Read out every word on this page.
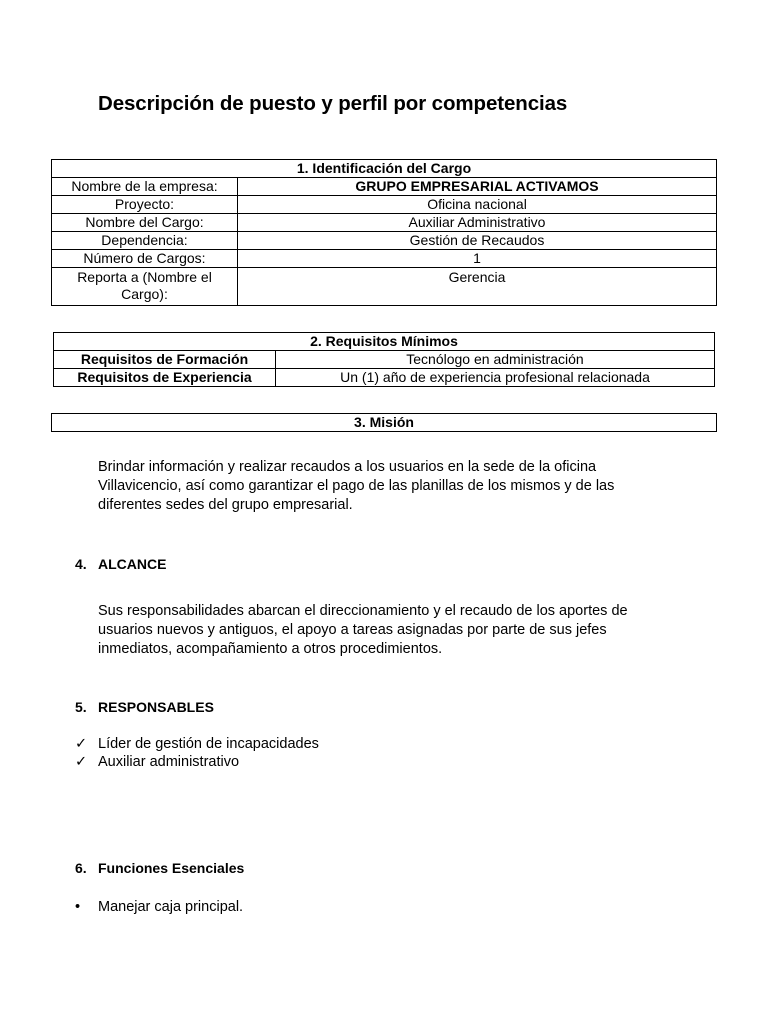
Descripción de puesto y perfil por competencias
1. Identificación del Cargo	
Nombre de la empresa:	GRUPO EMPRESARIAL ACTIVAMOS
Proyecto:	Oficina nacional
Nombre del Cargo:	Auxiliar Administrativo
Dependencia:	Gestión de Recaudos
Número de Cargos:	1
Reporta a (Nombre el Cargo):	Gerencia
2. Requisitos Mínimos	
Requisitos de Formación	Tecnólogo en administración
Requisitos de Experiencia	Un (1) año de experiencia profesional relacionada
3. Misión
Brindar información y realizar recaudos a los usuarios en la sede de la oficina Villavicencio, así como garantizar el pago de las planillas de los mismos y de las diferentes sedes del grupo empresarial.
4. ALCANCE
Sus responsabilidades abarcan el direccionamiento y el recaudo de los aportes de usuarios nuevos y antiguos, el apoyo a tareas asignadas por parte de sus jefes inmediatos, acompañamiento a otros procedimientos.
5. RESPONSABLES
✓ Líder de gestión de incapacidades
✓ Auxiliar administrativo
6. Funciones Esenciales
•	Manejar caja principal.
